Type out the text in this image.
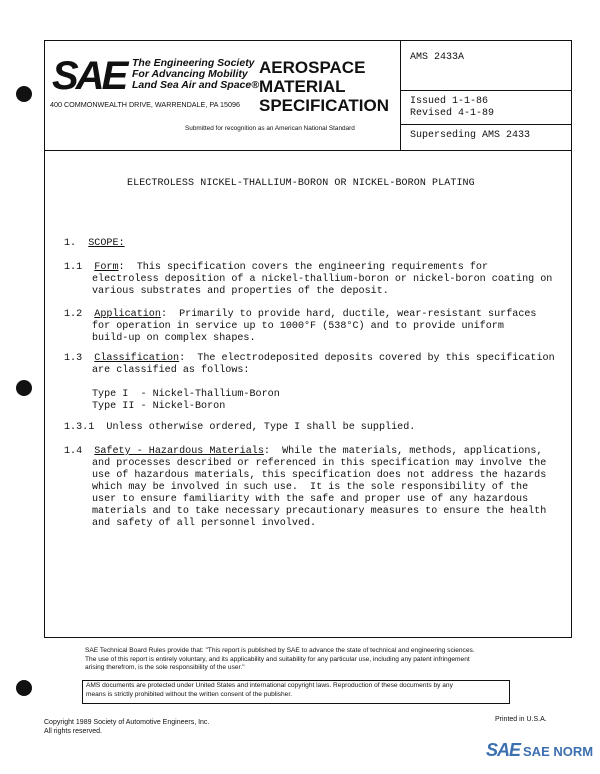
SAE The Engineering Society
For Advancing Mobility
Land Sea Air and Space®
400 COMMONWEALTH DRIVE, WARRENDALE, PA 15096
AEROSPACE
MATERIAL
SPECIFICATION
Submitted for recognition as an American National Standard
AMS 2433A
Issued 1-1-86
Revised 4-1-89
Superseding AMS 2433
ELECTROLESS NICKEL-THALLIUM-BORON OR NICKEL-BORON PLATING
1. SCOPE:
1.1 Form:  This specification covers the engineering requirements for
electroless deposition of a nickel-thallium-boron or nickel-boron coating on
various substrates and properties of the deposit.
1.2 Application:  Primarily to provide hard, ductile, wear-resistant surfaces
for operation in service up to 1000°F (538°C) and to provide uniform
build-up on complex shapes.
1.3 Classification:  The electrodeposited deposits covered by this specification
are classified as follows:
Type I  - Nickel-Thallium-Boron
Type II - Nickel-Boron
1.3.1  Unless otherwise ordered, Type I shall be supplied.
1.4 Safety - Hazardous Materials:  While the materials, methods, applications,
and processes described or referenced in this specification may involve the
use of hazardous materials, this specification does not address the hazards
which may be involved in such use.  It is the sole responsibility of the
user to ensure familiarity with the safe and proper use of any hazardous
materials and to take necessary precautionary measures to ensure the health
and safety of all personnel involved.
SAE Technical Board Rules provide that: "This report is published by SAE to advance the state of technical and engineering sciences.
The use of this report is entirely voluntary, and its applicability and suitability for any particular use, including any patent infringement
arising therefrom, is the sole responsibility of the user."
AMS documents are protected under United States and international copyright laws. Reproduction of these documents by any
means is strictly prohibited without the written consent of the publisher.
Copyright 1989 Society of Automotive Engineers, Inc.
All rights reserved.
Printed in U.S.A.
SAE SAE NORM
